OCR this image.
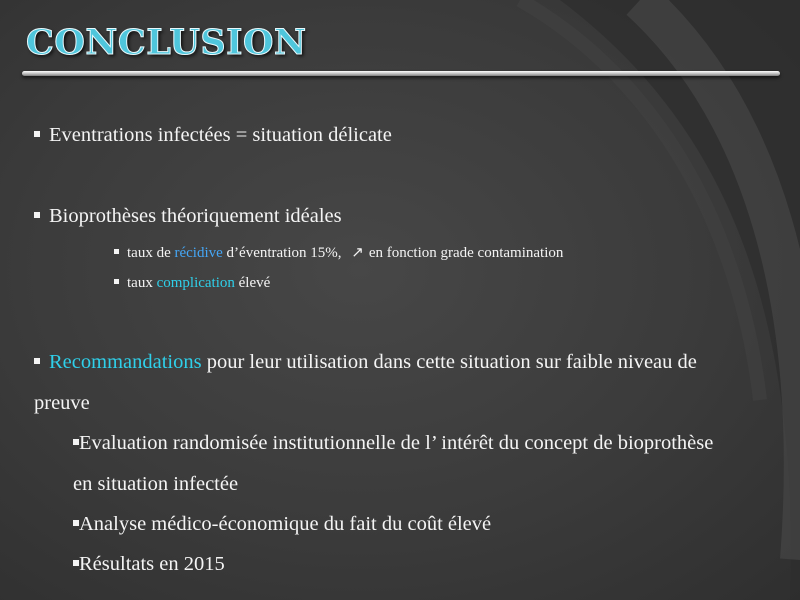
CONCLUSION
Eventrations infectées = situation délicate
Bioprothèses théoriquement idéales
taux de récidive d’éventration 15%, ↗ en fonction grade contamination
taux complication élevé
Recommandations pour leur utilisation dans cette situation sur faible niveau de
preuve
Evaluation randomisée institutionnelle de l’ intérêt du concept de bioprothèse
en situation infectée
Analyse médico-économique du fait du coût élevé
Résultats en 2015
